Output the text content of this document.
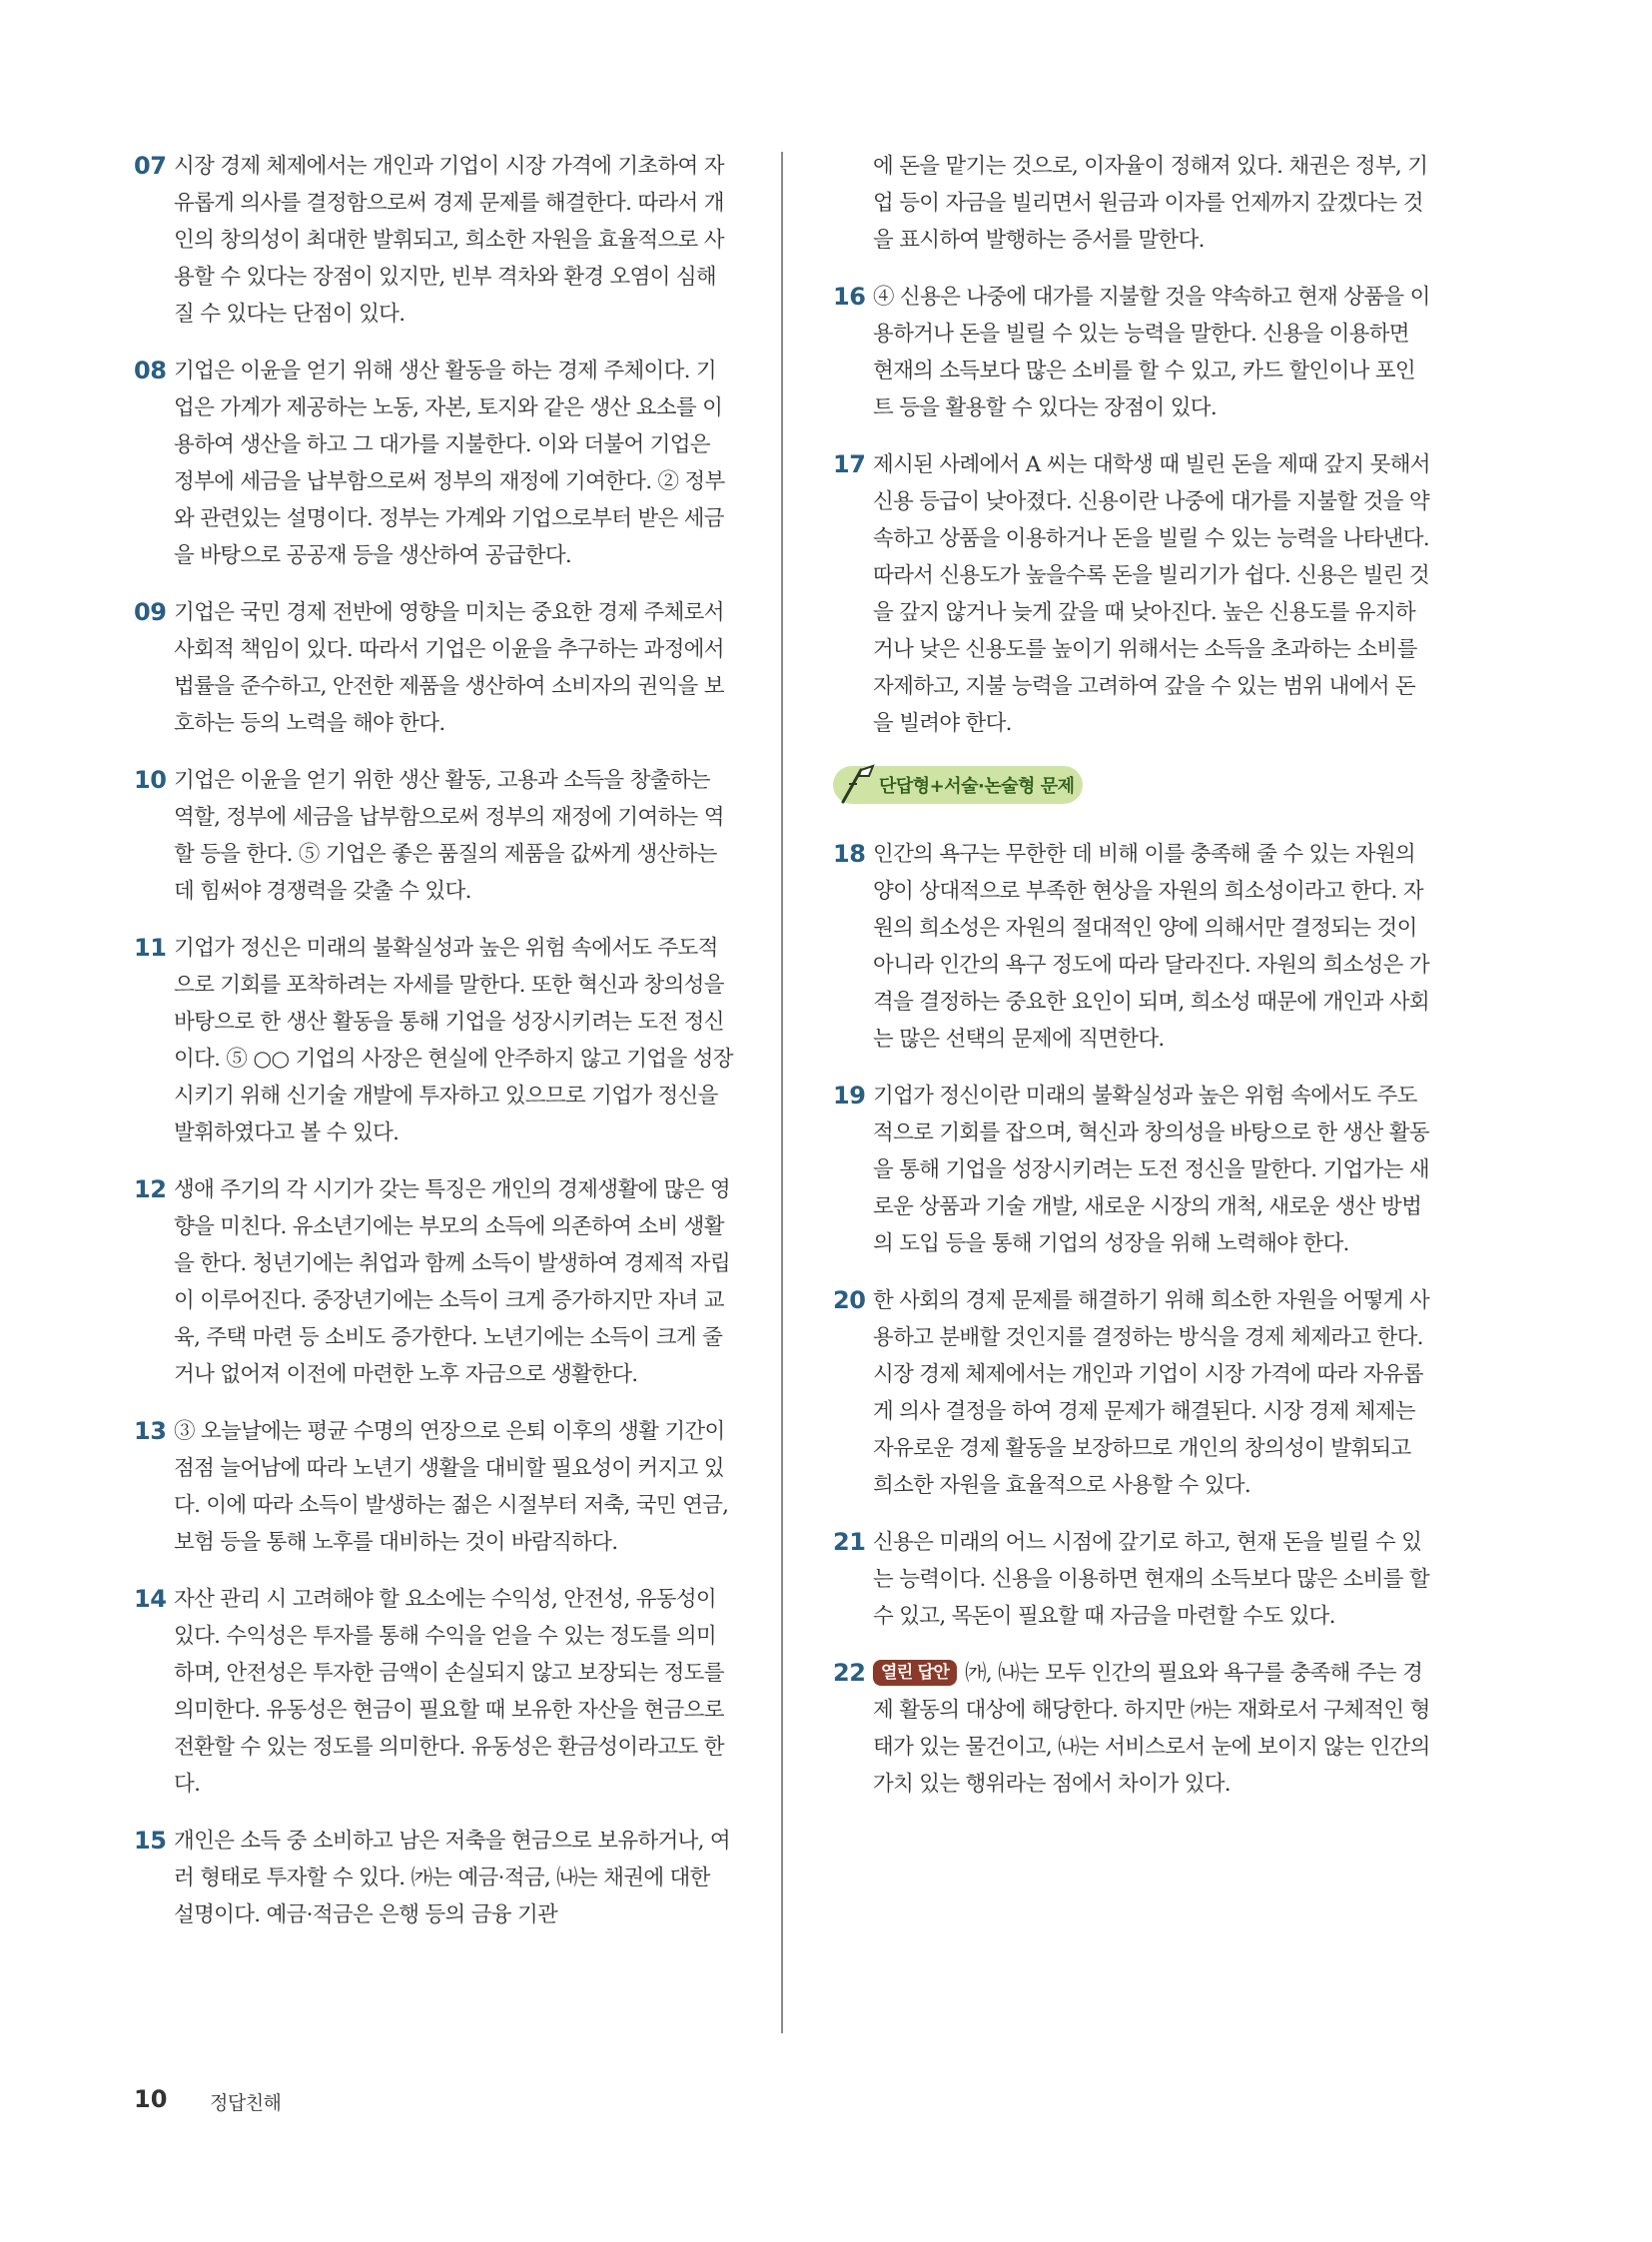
07 시장 경제 체제에서는 개인과 기업이 시장 가격에 기초하여 자유롭게 의사를 결정함으로써 경제 문제를 해결한다. 따라서 개인의 창의성이 최대한 발휘되고, 희소한 자원을 효율적으로 사용할 수 있다는 장점이 있지만, 빈부 격차와 환경 오염이 심해질 수 있다는 단점이 있다.
08 기업은 이윤을 얻기 위해 생산 활동을 하는 경제 주체이다. 기업은 가계가 제공하는 노동, 자본, 토지와 같은 생산 요소를 이용하여 생산을 하고 그 대가를 지불한다. 이와 더불어 기업은 정부에 세금을 납부함으로써 정부의 재정에 기여한다. ② 정부와 관련있는 설명이다. 정부는 가계와 기업으로부터 받은 세금을 바탕으로 공공재 등을 생산하여 공급한다.
09 기업은 국민 경제 전반에 영향을 미치는 중요한 경제 주체로서 사회적 책임이 있다. 따라서 기업은 이윤을 추구하는 과정에서 법률을 준수하고, 안전한 제품을 생산하여 소비자의 권익을 보호하는 등의 노력을 해야 한다.
10 기업은 이윤을 얻기 위한 생산 활동, 고용과 소득을 창출하는 역할, 정부에 세금을 납부함으로써 정부의 재정에 기여하는 역할 등을 한다. ⑤ 기업은 좋은 품질의 제품을 값싸게 생산하는 데 힘써야 경쟁력을 갖출 수 있다.
11 기업가 정신은 미래의 불확실성과 높은 위험 속에서도 주도적으로 기회를 포착하려는 자세를 말한다. 또한 혁신과 창의성을 바탕으로 한 생산 활동을 통해 기업을 성장시키려는 도전 정신이다. ⑤ ○○ 기업의 사장은 현실에 안주하지 않고 기업을 성장시키기 위해 신기술 개발에 투자하고 있으므로 기업가 정신을 발휘하였다고 볼 수 있다.
12 생애 주기의 각 시기가 갖는 특징은 개인의 경제생활에 많은 영향을 미친다. 유소년기에는 부모의 소득에 의존하여 소비 생활을 한다. 청년기에는 취업과 함께 소득이 발생하여 경제적 자립이 이루어진다. 중장년기에는 소득이 크게 증가하지만 자녀 교육, 주택 마련 등 소비도 증가한다. 노년기에는 소득이 크게 줄거나 없어져 이전에 마련한 노후 자금으로 생활한다.
13 ③ 오늘날에는 평균 수명의 연장으로 은퇴 이후의 생활 기간이 점점 늘어남에 따라 노년기 생활을 대비할 필요성이 커지고 있다. 이에 따라 소득이 발생하는 젊은 시절부터 저축, 국민 연금, 보험 등을 통해 노후를 대비하는 것이 바람직하다.
14 자산 관리 시 고려해야 할 요소에는 수익성, 안전성, 유동성이 있다. 수익성은 투자를 통해 수익을 얻을 수 있는 정도를 의미하며, 안전성은 투자한 금액이 손실되지 않고 보장되는 정도를 의미한다. 유동성은 현금이 필요할 때 보유한 자산을 현금으로 전환할 수 있는 정도를 의미한다. 유동성은 환금성이라고도 한다.
15 개인은 소득 중 소비하고 남은 저축을 현금으로 보유하거나, 여러 형태로 투자할 수 있다. ㈎는 예금·적금, ㈏는 채권에 대한 설명이다. 예금·적금은 은행 등의 금융 기관
에 돈을 맡기는 것으로, 이자율이 정해져 있다. 채권은 정부, 기업 등이 자금을 빌리면서 원금과 이자를 언제까지 갚겠다는 것을 표시하여 발행하는 증서를 말한다.
16 ④ 신용은 나중에 대가를 지불할 것을 약속하고 현재 상품을 이용하거나 돈을 빌릴 수 있는 능력을 말한다. 신용을 이용하면 현재의 소득보다 많은 소비를 할 수 있고, 카드 할인이나 포인트 등을 활용할 수 있다는 장점이 있다.
17 제시된 사례에서 A 씨는 대학생 때 빌린 돈을 제때 갚지 못해서 신용 등급이 낮아졌다. 신용이란 나중에 대가를 지불할 것을 약속하고 상품을 이용하거나 돈을 빌릴 수 있는 능력을 나타낸다. 따라서 신용도가 높을수록 돈을 빌리기가 쉽다. 신용은 빌린 것을 갚지 않거나 늦게 갚을 때 낮아진다. 높은 신용도를 유지하거나 낮은 신용도를 높이기 위해서는 소득을 초과하는 소비를 자제하고, 지불 능력을 고려하여 갚을 수 있는 범위 내에서 돈을 빌려야 한다.
단답형+서술·논술형 문제
18 인간의 욕구는 무한한 데 비해 이를 충족해 줄 수 있는 자원의 양이 상대적으로 부족한 현상을 자원의 희소성이라고 한다. 자원의 희소성은 자원의 절대적인 양에 의해서만 결정되는 것이 아니라 인간의 욕구 정도에 따라 달라진다. 자원의 희소성은 가격을 결정하는 중요한 요인이 되며, 희소성 때문에 개인과 사회는 많은 선택의 문제에 직면한다.
19 기업가 정신이란 미래의 불확실성과 높은 위험 속에서도 주도적으로 기회를 잡으며, 혁신과 창의성을 바탕으로 한 생산 활동을 통해 기업을 성장시키려는 도전 정신을 말한다. 기업가는 새로운 상품과 기술 개발, 새로운 시장의 개척, 새로운 생산 방법의 도입 등을 통해 기업의 성장을 위해 노력해야 한다.
20 한 사회의 경제 문제를 해결하기 위해 희소한 자원을 어떻게 사용하고 분배할 것인지를 결정하는 방식을 경제 체제라고 한다. 시장 경제 체제에서는 개인과 기업이 시장 가격에 따라 자유롭게 의사 결정을 하여 경제 문제가 해결된다. 시장 경제 체제는 자유로운 경제 활동을 보장하므로 개인의 창의성이 발휘되고 희소한 자원을 효율적으로 사용할 수 있다.
21 신용은 미래의 어느 시점에 갚기로 하고, 현재 돈을 빌릴 수 있는 능력이다. 신용을 이용하면 현재의 소득보다 많은 소비를 할 수 있고, 목돈이 필요할 때 자금을 마련할 수도 있다.
22 열린 답안 ㈎, ㈏는 모두 인간의 필요와 욕구를 충족해 주는 경제 활동의 대상에 해당한다. 하지만 ㈎는 재화로서 구체적인 형태가 있는 물건이고, ㈏는 서비스로서 눈에 보이지 않는 인간의 가치 있는 행위라는 점에서 차이가 있다.
10 정답친해
